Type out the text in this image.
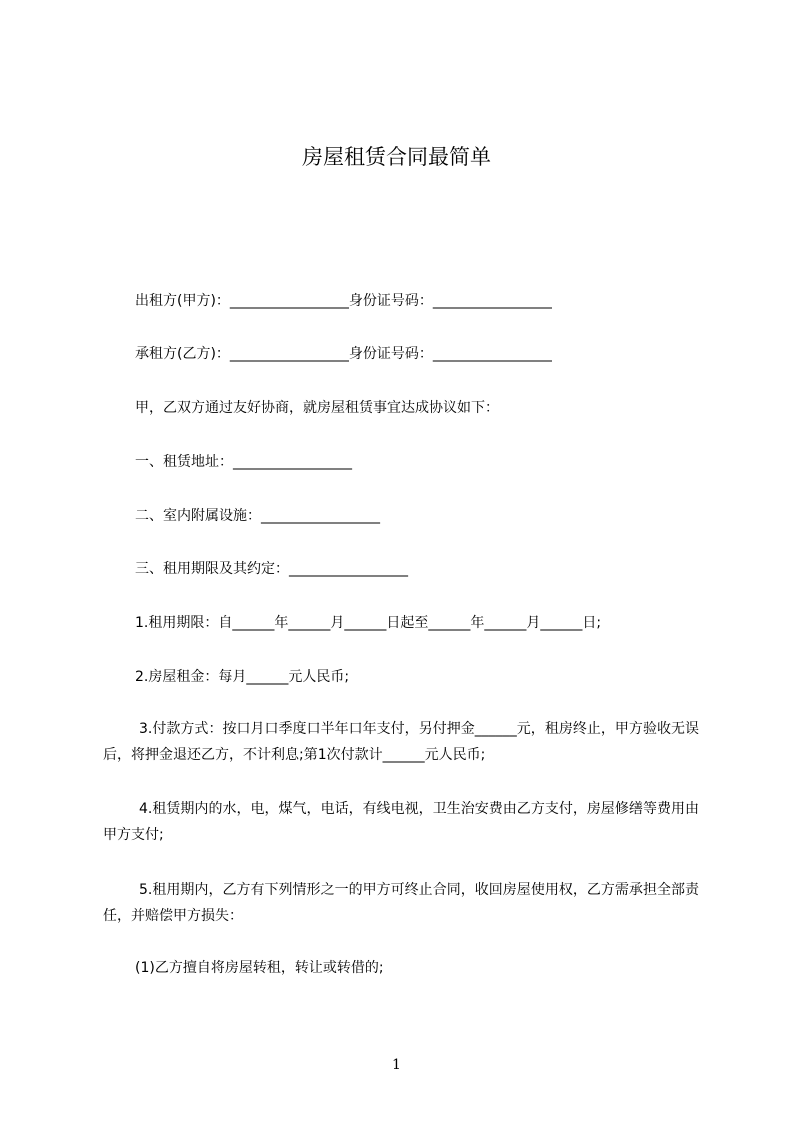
房屋租赁合同最简单

出租方(甲方)：_________________身份证号码：_________________

承租方(乙方)：_________________身份证号码：_________________

甲，乙双方通过友好协商，就房屋租赁事宜达成协议如下：

一、租赁地址：_________________

二、室内附属设施：_________________

三、租用期限及其约定：_________________

1.租用期限：自______年______月______日起至______年______月______日;

2.房屋租金：每月______元人民币;

3.付款方式：按口月口季度口半年口年支付，另付押金______元，租房终止，甲方验收无误后，将押金退还乙方，不计利息;第1次付款计______元人民币;

4.租赁期内的水，电，煤气，电话，有线电视，卫生治安费由乙方支付，房屋修缮等费用由甲方支付;

5.租用期内，乙方有下列情形之一的甲方可终止合同，收回房屋使用权，乙方需承担全部责任，并赔偿甲方损失：

(1)乙方擅自将房屋转租，转让或转借的;

1
